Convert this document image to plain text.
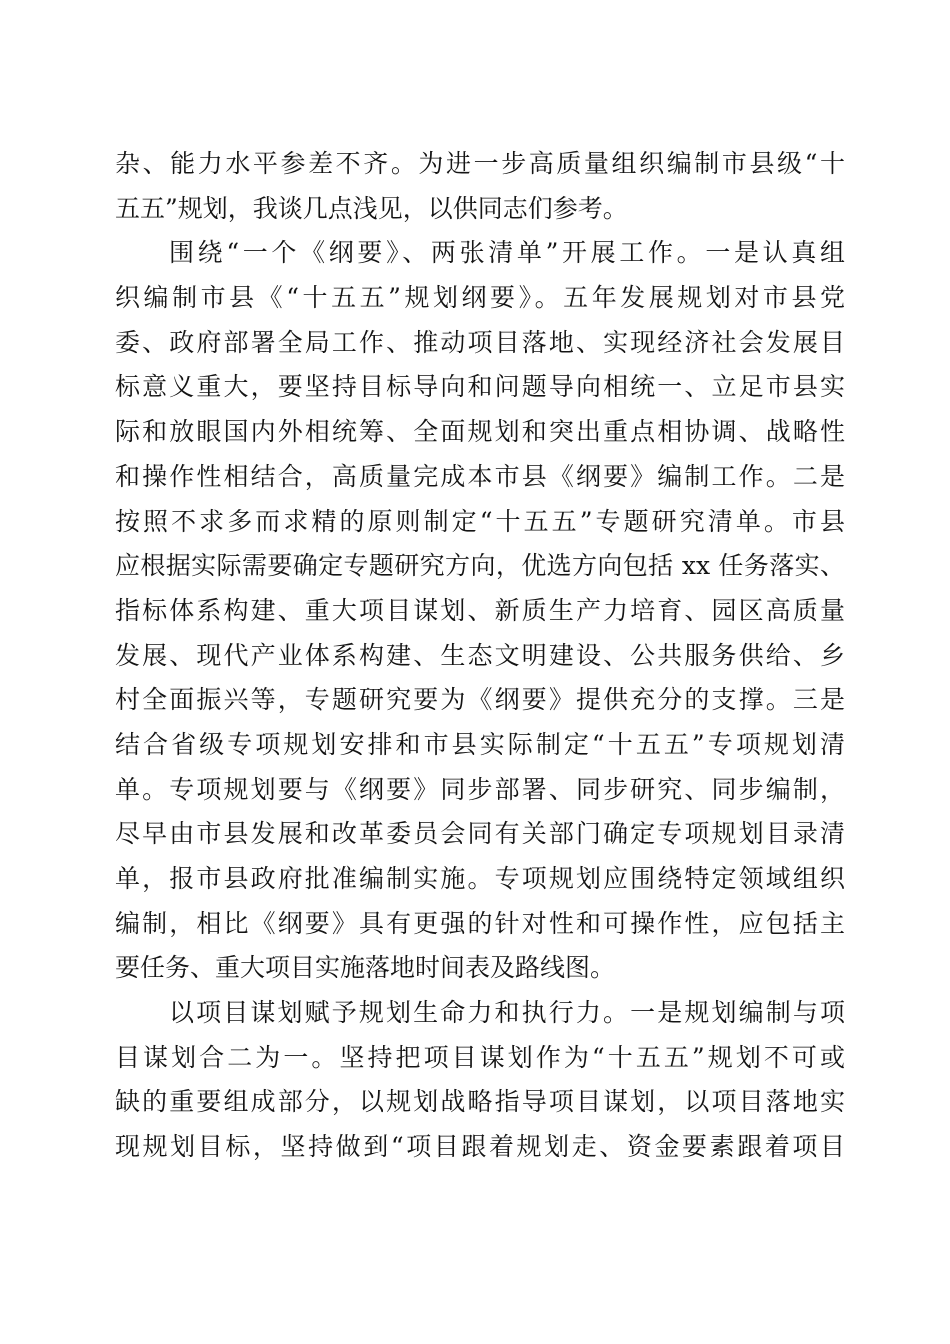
杂、能力水平参差不齐。为进一步高质量组织编制市县级“十
五五”规划，我谈几点浅见，以供同志们参考。
围绕“一个《纲要》、两张清单”开展工作。一是认真组
织编制市县《“十五五”规划纲要》。五年发展规划对市县党
委、政府部署全局工作、推动项目落地、实现经济社会发展目
标意义重大，要坚持目标导向和问题导向相统一、立足市县实
际和放眼国内外相统筹、全面规划和突出重点相协调、战略性
和操作性相结合，高质量完成本市县《纲要》编制工作。二是
按照不求多而求精的原则制定“十五五”专题研究清单。市县
应根据实际需要确定专题研究方向，优选方向包括 xx 任务落实、
指标体系构建、重大项目谋划、新质生产力培育、园区高质量
发展、现代产业体系构建、生态文明建设、公共服务供给、乡
村全面振兴等，专题研究要为《纲要》提供充分的支撑。三是
结合省级专项规划安排和市县实际制定“十五五”专项规划清
单。专项规划要与《纲要》同步部署、同步研究、同步编制，
尽早由市县发展和改革委员会同有关部门确定专项规划目录清
单，报市县政府批准编制实施。专项规划应围绕特定领域组织
编制，相比《纲要》具有更强的针对性和可操作性，应包括主
要任务、重大项目实施落地时间表及路线图。
以项目谋划赋予规划生命力和执行力。一是规划编制与项
目谋划合二为一。坚持把项目谋划作为“十五五”规划不可或
缺的重要组成部分，以规划战略指导项目谋划，以项目落地实
现规划目标，坚持做到“项目跟着规划走、资金要素跟着项目
